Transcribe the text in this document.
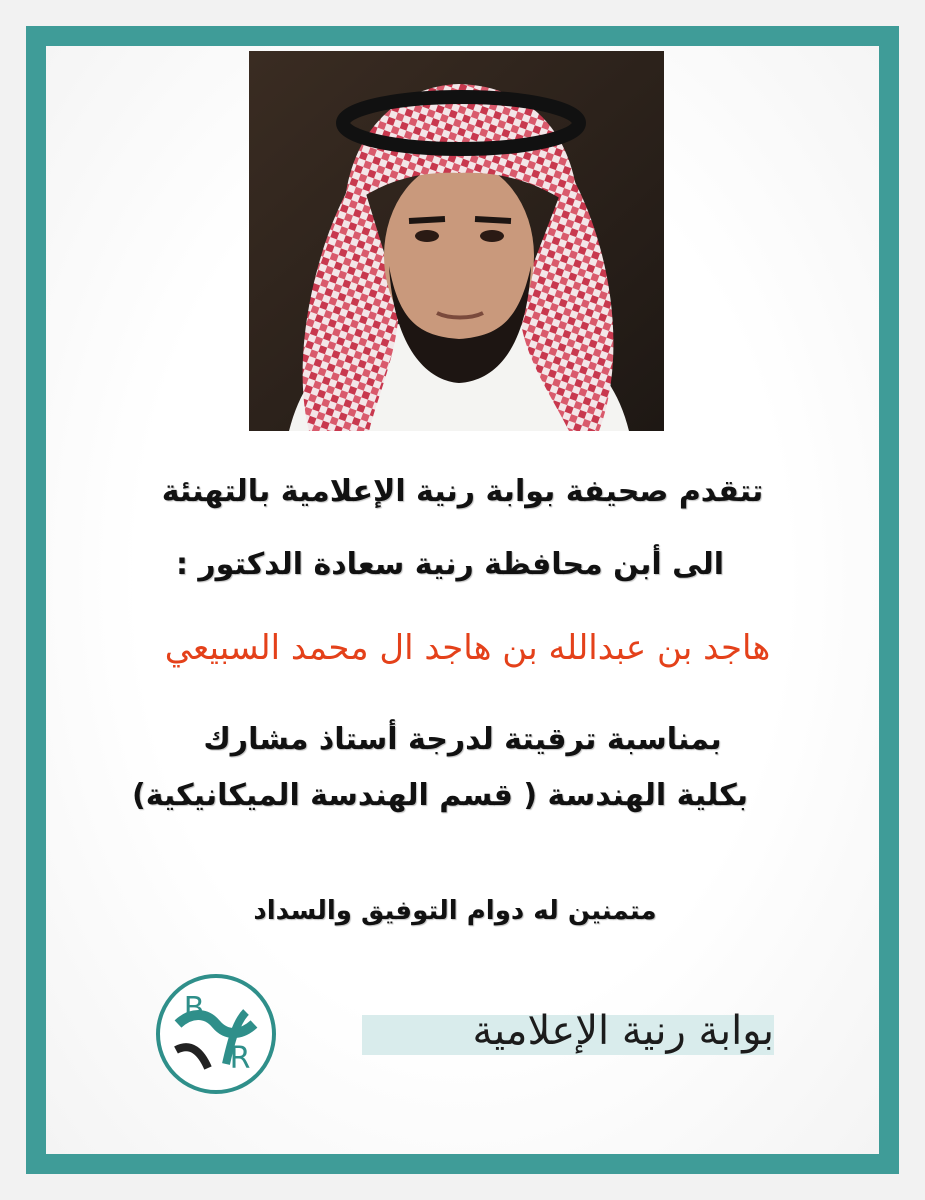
تتقدم صحيفة بوابة رنية الإعلامية بالتهنئة
الى أبن محافظة رنية سعادة الدكتور :
هاجد بن عبدالله بن هاجد ال محمد السبيعي
بمناسبة ترقيتة لدرجة أستاذ مشارك
بكلية الهندسة ( قسم الهندسة الميكانيكية)
متمنين له دوام التوفيق والسداد
B
R
بوابة رنية الإعلامية
